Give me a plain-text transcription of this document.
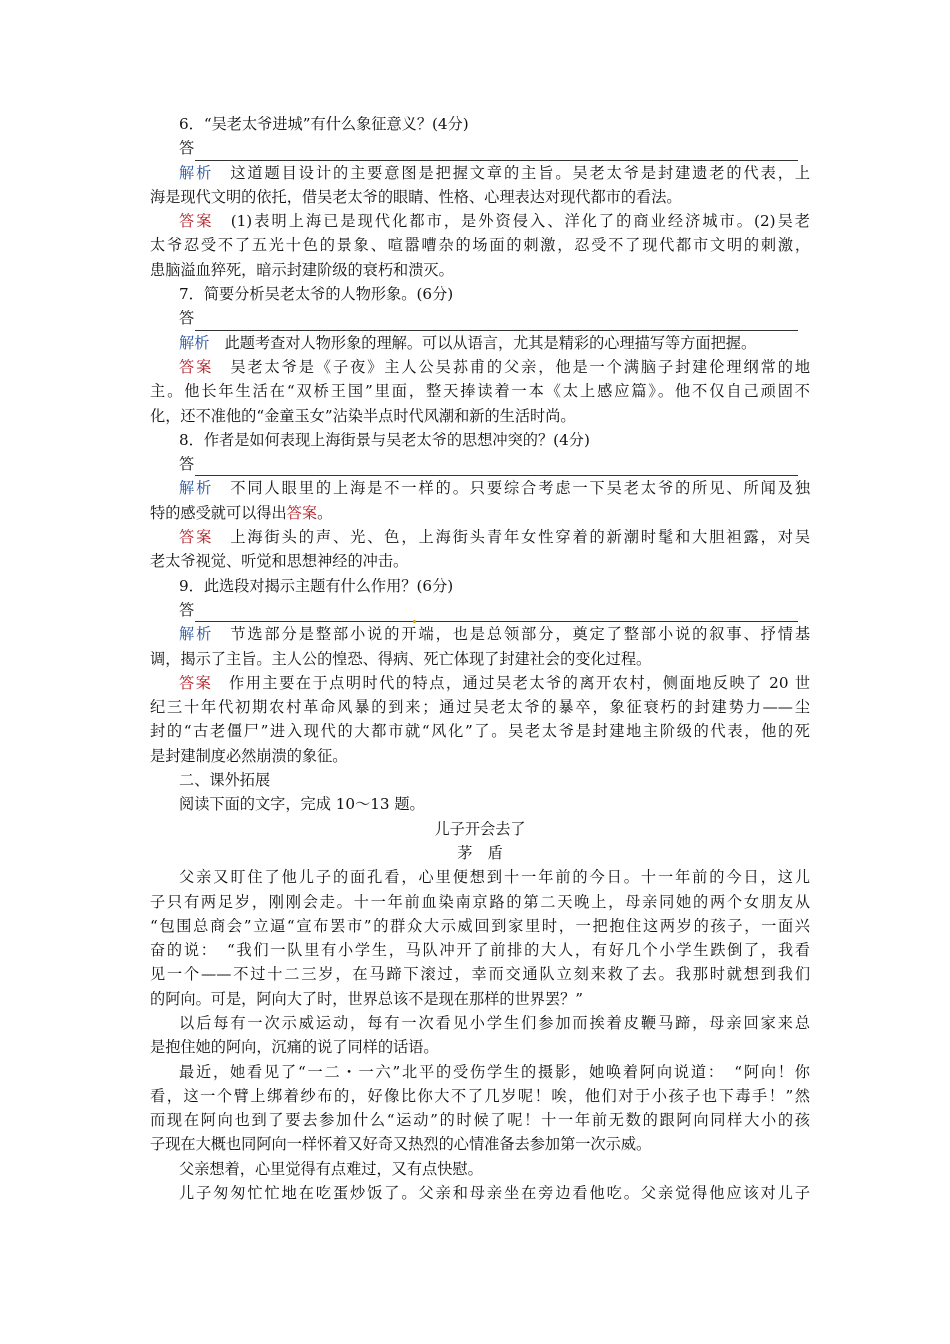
6．“吴老太爷进城”有什么象征意义？(4分)
答
解析　这道题目设计的主要意图是把握文章的主旨。吴老太爷是封建遗老的代表，上
海是现代文明的依托，借吴老太爷的眼睛、性格、心理表达对现代都市的看法。
答案　(1)表明上海已是现代化都市，是外资侵入、洋化了的商业经济城市。(2)吴老
太爷忍受不了五光十色的景象、喧嚣嘈杂的场面的刺激，忍受不了现代都市文明的刺激，
患脑溢血猝死，暗示封建阶级的衰朽和溃灭。
7．简要分析吴老太爷的人物形象。(6分)
答
解析　此题考查对人物形象的理解。可以从语言，尤其是精彩的心理描写等方面把握。
答案　吴老太爷是《子夜》主人公吴荪甫的父亲，他是一个满脑子封建伦理纲常的地
主。他长年生活在“双桥王国”里面，整天捧读着一本《太上感应篇》。他不仅自己顽固不
化，还不准他的“金童玉女”沾染半点时代风潮和新的生活时尚。
8．作者是如何表现上海街景与吴老太爷的思想冲突的？(4分)
答
解析　不同人眼里的上海是不一样的。只要综合考虑一下吴老太爷的所见、所闻及独
特的感受就可以得出答案。
答案　上海街头的声、光、色，上海街头青年女性穿着的新潮时髦和大胆袒露，对吴
老太爷视觉、听觉和思想神经的冲击。
9．此选段对揭示主题有什么作用？(6分)
答
解析　节选部分是整部小说的开端，也是总领部分，奠定了整部小说的叙事、抒情基
调，揭示了主旨。主人公的惶恐、得病、死亡体现了封建社会的变化过程。
答案　作用主要在于点明时代的特点，通过吴老太爷的离开农村，侧面地反映了 20 世
纪三十年代初期农村革命风暴的到来；通过吴老太爷的暴卒，象征衰朽的封建势力——尘
封的“古老僵尸”进入现代的大都市就“风化”了。吴老太爷是封建地主阶级的代表，他的死
是封建制度必然崩溃的象征。
二、课外拓展
阅读下面的文字，完成 10～13 题。
儿子开会去了
茅　盾
父亲又盯住了他儿子的面孔看，心里便想到十一年前的今日。十一年前的今日，这儿
子只有两足岁，刚刚会走。十一年前血染南京路的第二天晚上，母亲同她的两个女朋友从
“包围总商会”立逼“宣布罢市”的群众大示威回到家里时，一把抱住这两岁的孩子，一面兴
奋的说：　“我们一队里有小学生，马队冲开了前排的大人，有好几个小学生跌倒了，我看
见一个——不过十二三岁，在马蹄下滚过，幸而交通队立刻来救了去。我那时就想到我们
的阿向。可是，阿向大了时，世界总该不是现在那样的世界罢？”
以后每有一次示威运动，每有一次看见小学生们参加而挨着皮鞭马蹄，母亲回家来总
是抱住她的阿向，沉痛的说了同样的话语。
最近，她看见了“一二・一六”北平的受伤学生的摄影，她唤着阿向说道：　“阿向！你
看，这一个臂上绑着纱布的，好像比你大不了几岁呢！唉，他们对于小孩子也下毒手！”然
而现在阿向也到了要去参加什么“运动”的时候了呢！十一年前无数的跟阿向同样大小的孩
子现在大概也同阿向一样怀着又好奇又热烈的心情准备去参加第一次示威。
父亲想着，心里觉得有点难过，又有点快慰。
儿子匆匆忙忙地在吃蛋炒饭了。父亲和母亲坐在旁边看他吃。父亲觉得他应该对儿子
